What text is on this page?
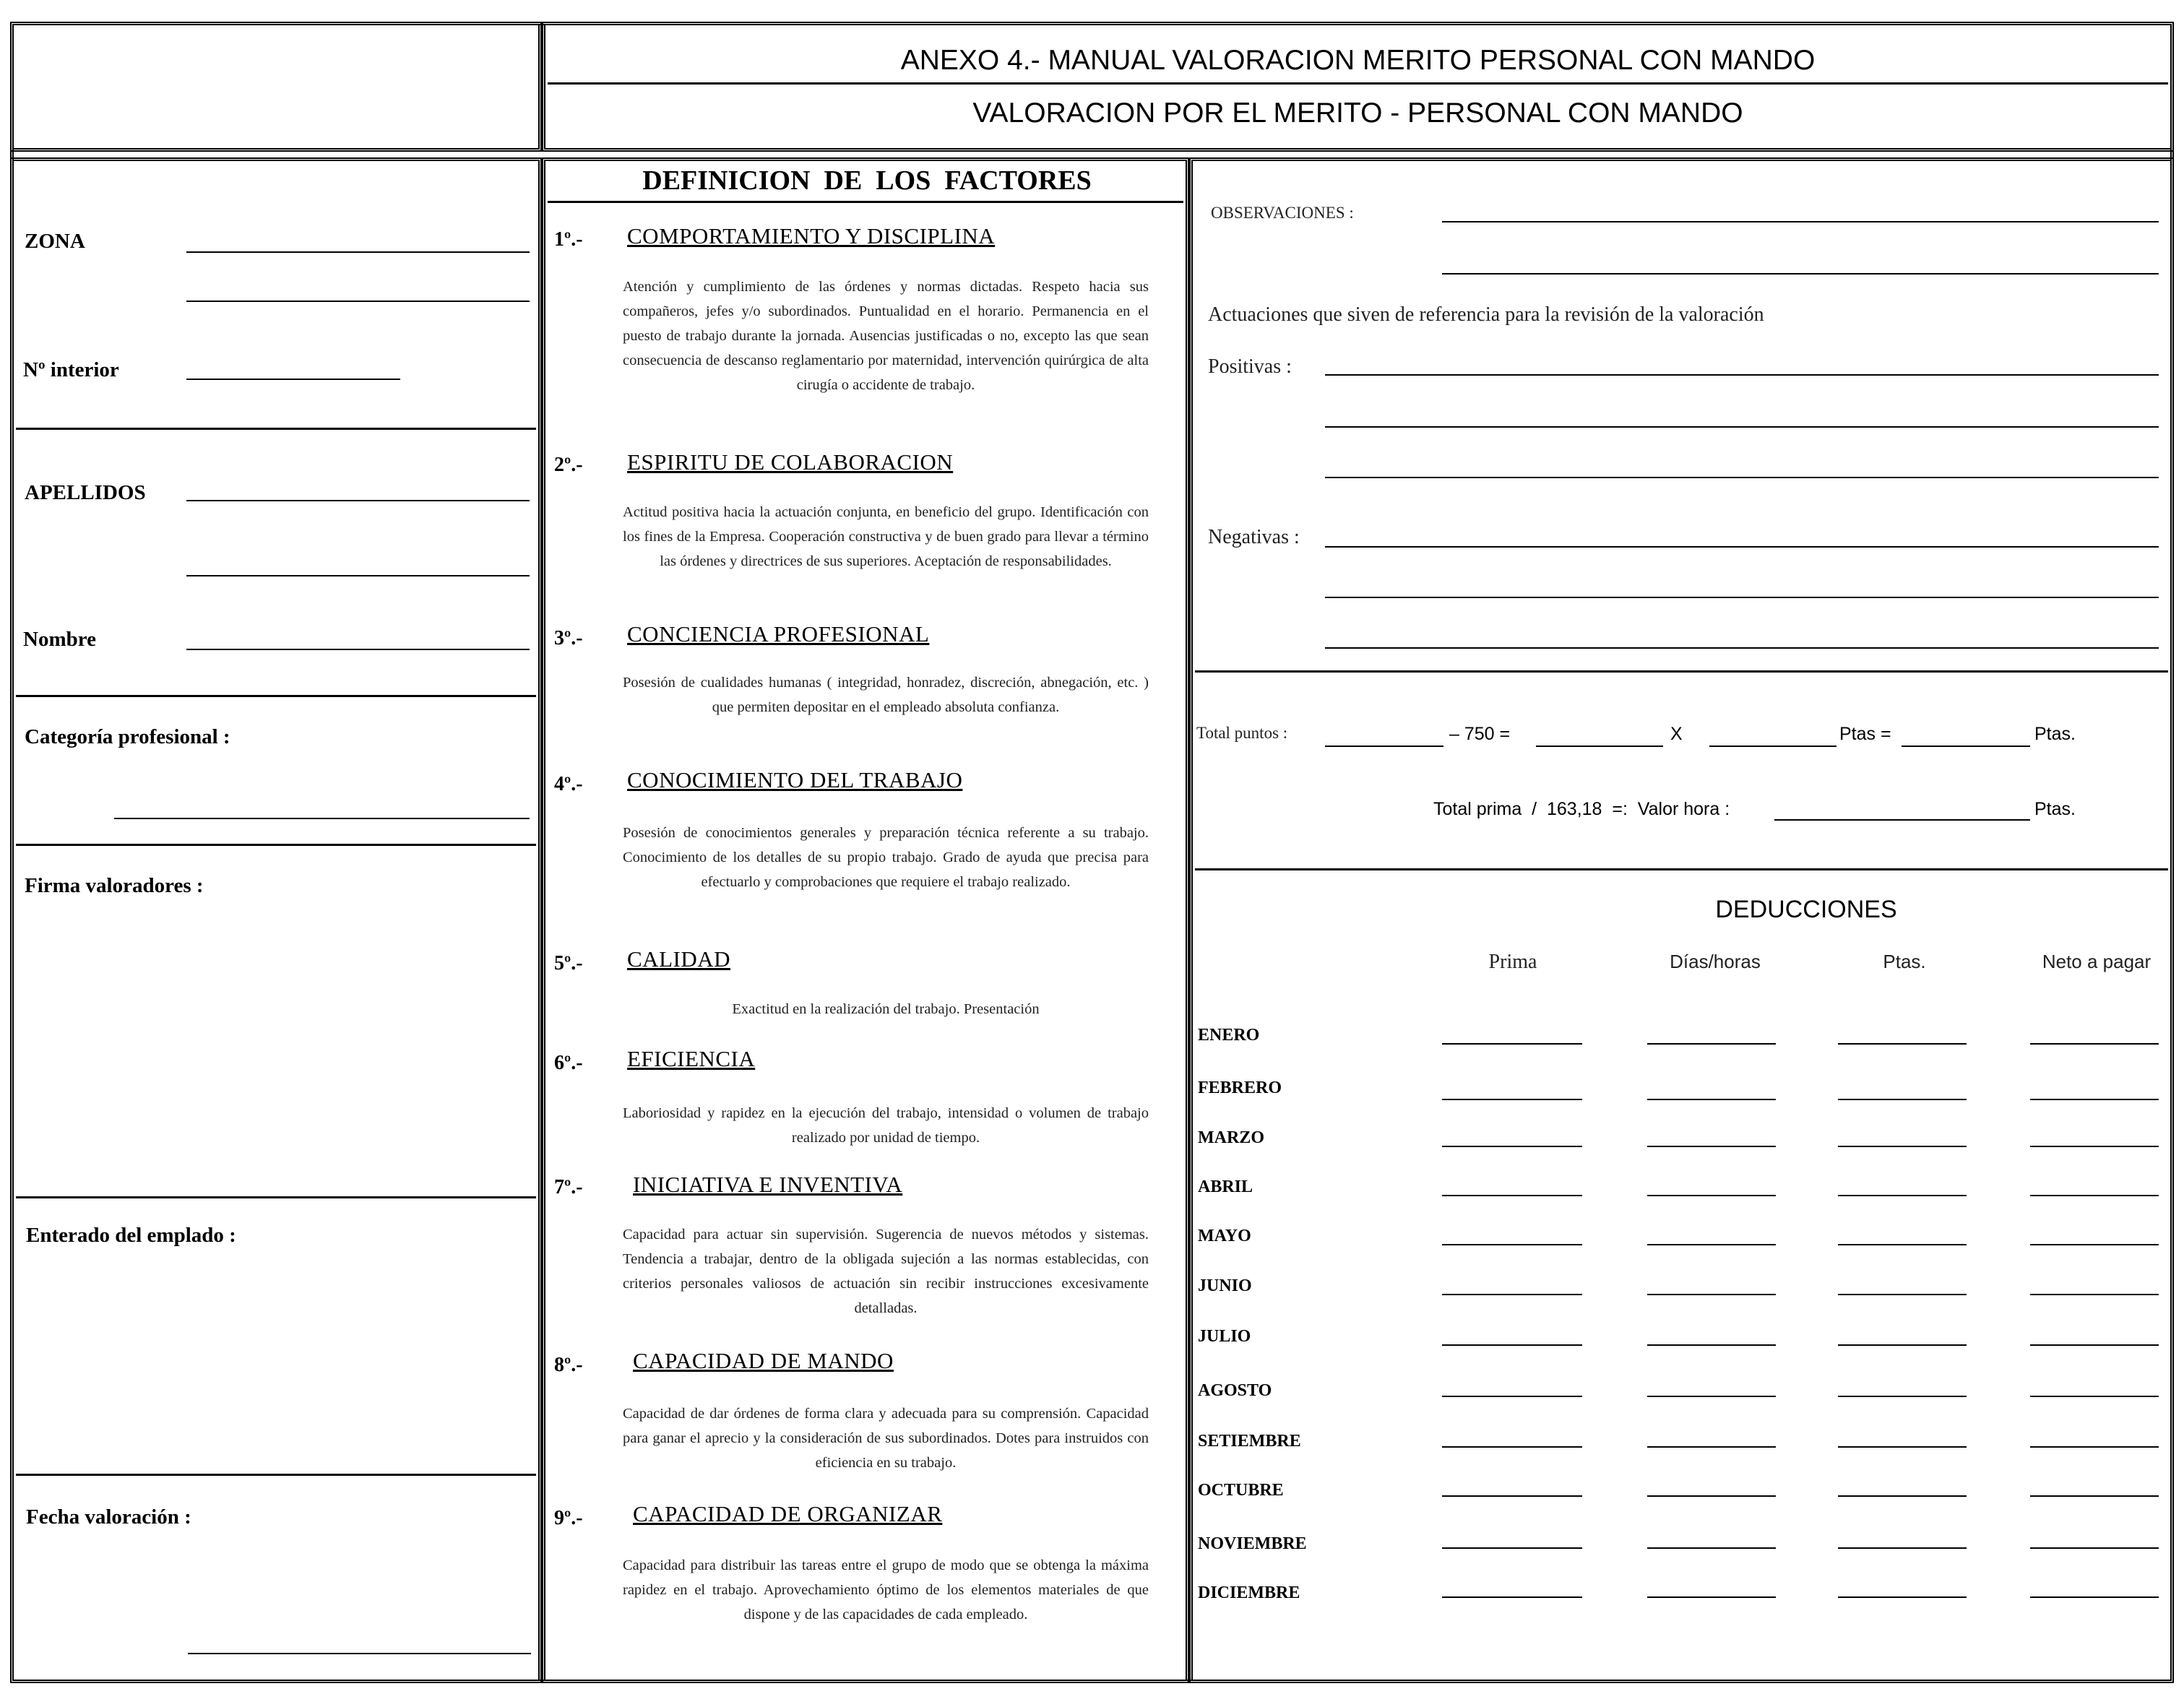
ANEXO 4.- MANUAL VALORACION MERITO PERSONAL CON MANDO
VALORACION POR EL MERITO - PERSONAL CON MANDO
ZONA
Nº interior
APELLIDOS
Nombre
Categoría profesional :
Firma valoradores :
Enterado del emplado :
Fecha valoración :
DEFINICION  DE  LOS  FACTORES
1º.- COMPORTAMIENTO Y DISCIPLINA
Atención y cumplimiento de las órdenes y normas dictadas. Respeto hacia sus compañeros, jefes y/o subordinados. Puntualidad en el horario. Permanencia en el puesto de trabajo durante la jornada. Ausencias justificadas o no, excepto las que sean consecuencia de descanso reglamentario por maternidad, intervención quirúrgica de alta cirugía o accidente de trabajo.
2º.- ESPIRITU DE COLABORACION
Actitud positiva hacia la actuación conjunta, en beneficio del grupo. Identificación con los fines de la Empresa. Cooperación constructiva y de buen grado para llevar a término las órdenes y directrices de sus superiores. Aceptación de responsabilidades.
3º.- CONCIENCIA PROFESIONAL
Posesión de cualidades humanas ( integridad, honradez, discreción, abnegación, etc. ) que permiten depositar en el empleado absoluta confianza.
4º.- CONOCIMIENTO DEL TRABAJO
Posesión de conocimientos generales y preparación técnica referente a su trabajo. Conocimiento de los detalles de su propio trabajo. Grado de ayuda que precisa para efectuarlo y comprobaciones que requiere el trabajo realizado.
5º.- CALIDAD
Exactitud en la realización del trabajo. Presentación
6º.- EFICIENCIA
Laboriosidad y rapidez en la ejecución del trabajo, intensidad o volumen de trabajo realizado por unidad de tiempo.
7º.- INICIATIVA E INVENTIVA
Capacidad para actuar sin supervisión. Sugerencia de nuevos métodos y sistemas. Tendencia a trabajar, dentro de la obligada sujeción a las normas establecidas, con criterios personales valiosos de actuación sin recibir instrucciones excesivamente detalladas.
8º.- CAPACIDAD DE MANDO
Capacidad de dar órdenes de forma clara y adecuada para su comprensión. Capacidad para ganar el aprecio y la consideración de sus subordinados. Dotes para instruidos con eficiencia en su trabajo.
9º.- CAPACIDAD DE ORGANIZAR
Capacidad para distribuir las tareas entre el grupo de modo que se obtenga la máxima rapidez en el trabajo. Aprovechamiento óptimo de los elementos materiales de que dispone y de las capacidades de cada empleado.
OBSERVACIONES :
Actuaciones que siven de referencia para la revisión de la valoración
Positivas :
Negativas :
Total puntos :	– 750 =	X	Ptas =	Ptas.
Total prima  /  163,18  =:  Valor hora :	Ptas.
DEDUCCIONES
Prima	Días/horas	Ptas.	Neto a pagar
ENERO
FEBRERO
MARZO
ABRIL
MAYO
JUNIO
JULIO
AGOSTO
SETIEMBRE
OCTUBRE
NOVIEMBRE
DICIEMBRE
